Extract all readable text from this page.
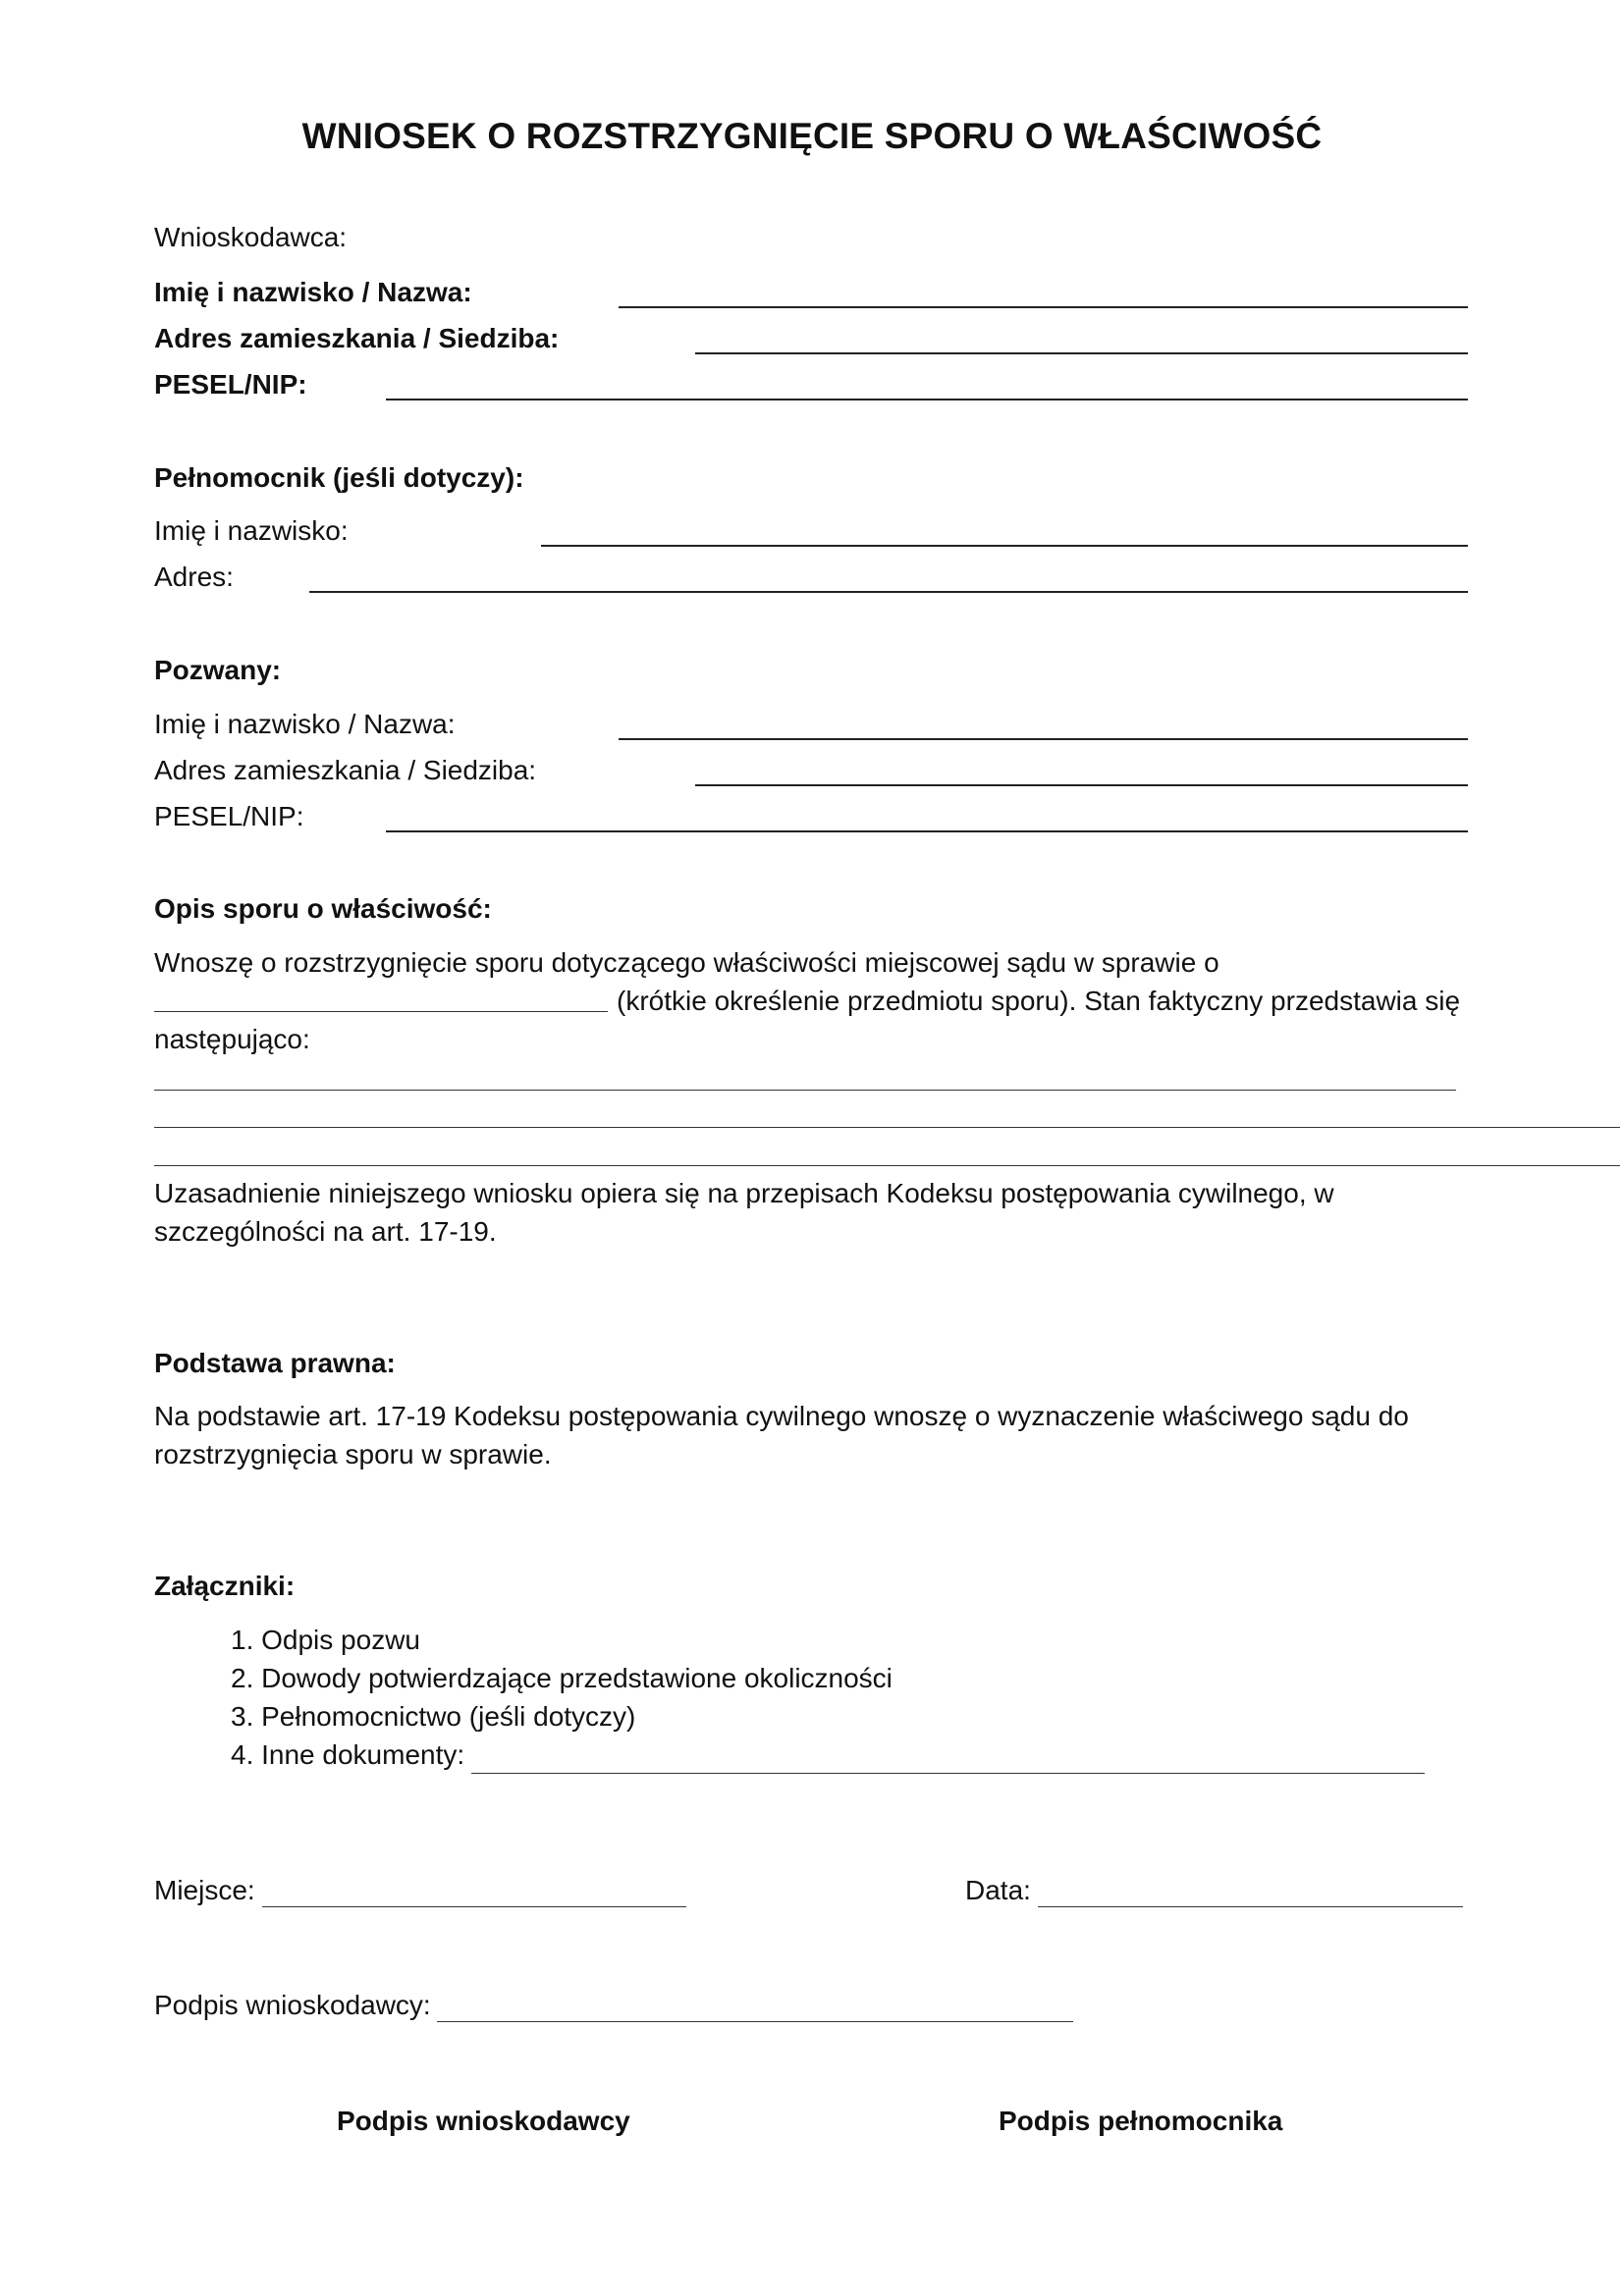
WNIOSEK O ROZSTRZYGNIĘCIE SPORU O WŁAŚCIWOŚĆ
Wnioskodawca:
Imię i nazwisko / Nazwa:
Adres zamieszkania / Siedziba:
PESEL/NIP:
Pełnomocnik (jeśli dotyczy):
Imię i nazwisko:
Adres:
Pozwany:
Imię i nazwisko / Nazwa:
Adres zamieszkania / Siedziba:
PESEL/NIP:
Opis sporu o właściwość:
Wnoszę o rozstrzygnięcie sporu dotyczącego właściwości miejscowej sądu w sprawie o
(krótkie określenie przedmiotu sporu). Stan faktyczny przedstawia się
następująco:
Uzasadnienie niniejszego wniosku opiera się na przepisach Kodeksu postępowania cywilnego, w
szczególności na art. 17-19.
Podstawa prawna:
Na podstawie art. 17-19 Kodeksu postępowania cywilnego wnoszę o wyznaczenie właściwego sądu do
rozstrzygnięcia sporu w sprawie.
Załączniki:
1. Odpis pozwu
2. Dowody potwierdzające przedstawione okoliczności
3. Pełnomocnictwo (jeśli dotyczy)
4. Inne dokumenty:
Miejsce:	Data:
Podpis wnioskodawcy:
Podpis wnioskodawcy	Podpis pełnomocnika
